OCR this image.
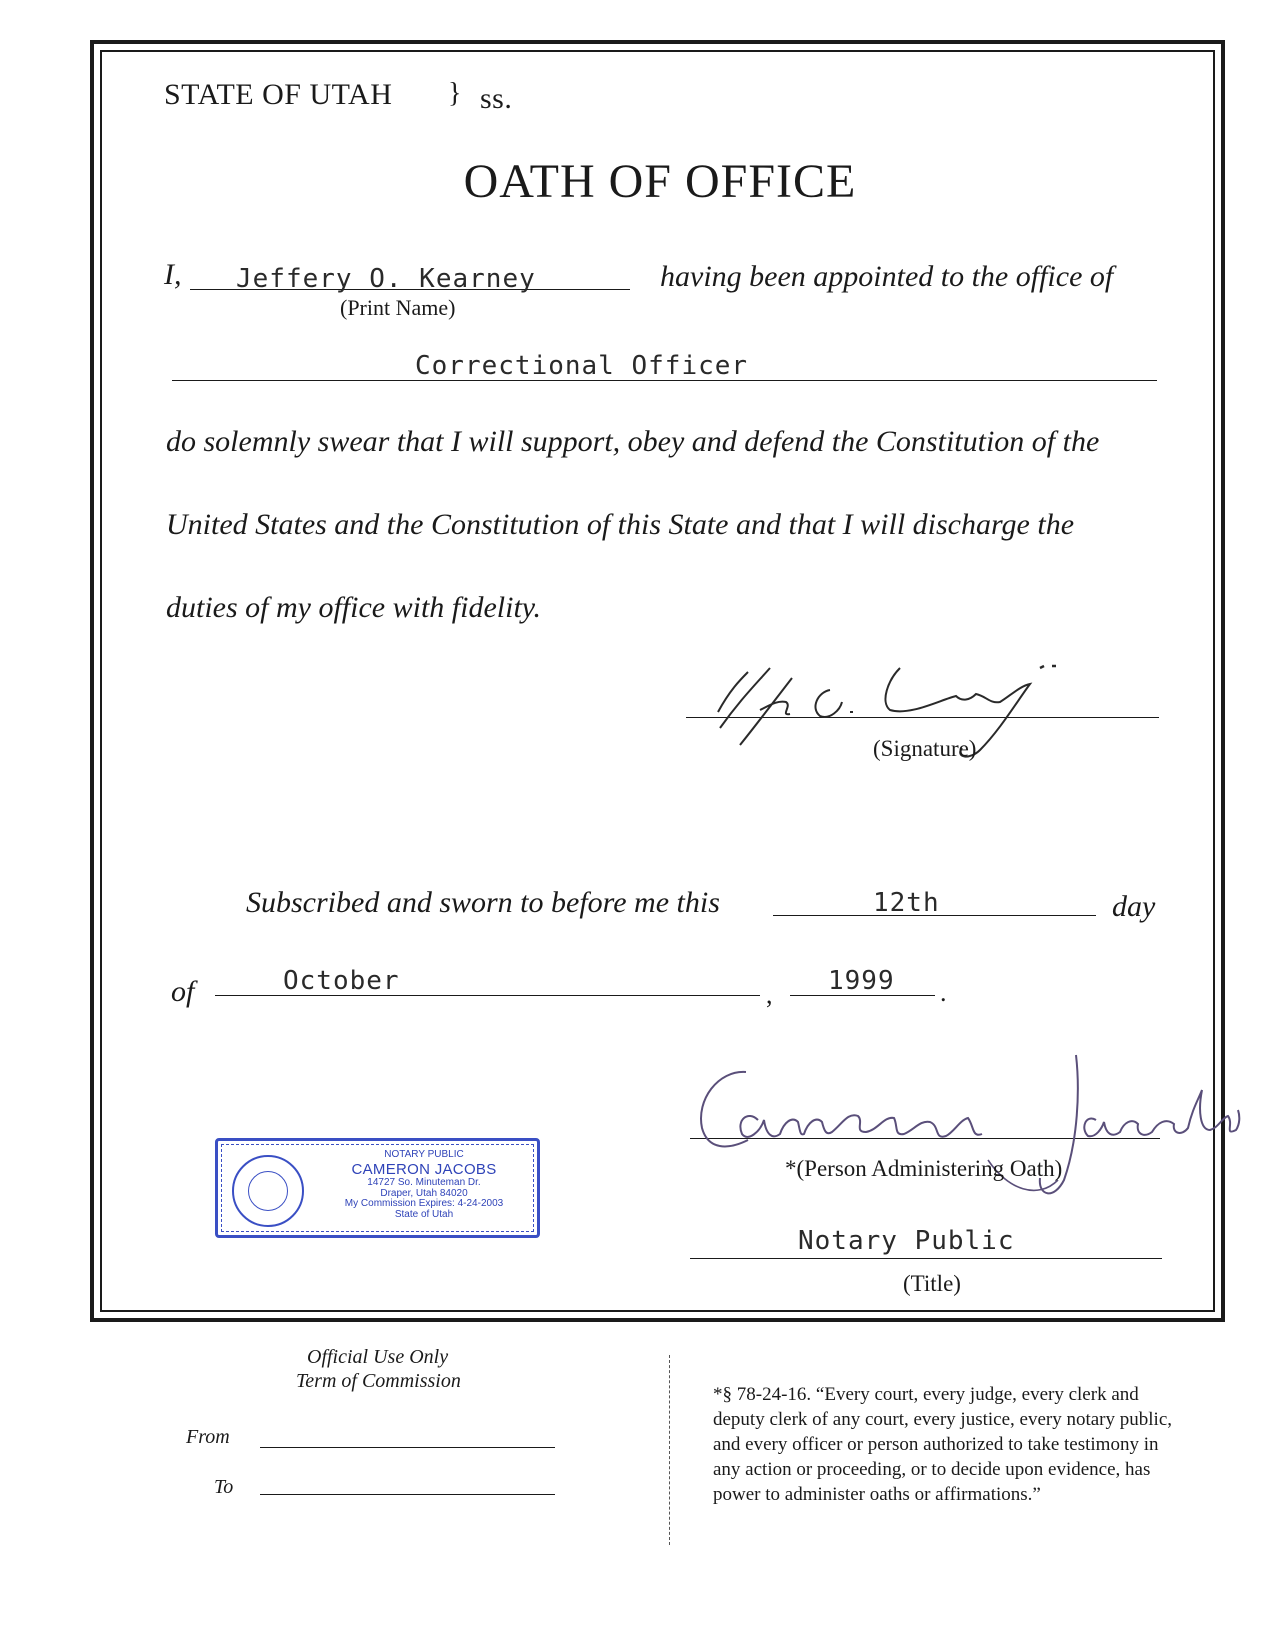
STATE OF UTAH } ss.
OATH OF OFFICE
I, Jeffery O. Kearney	having been appointed to the office of
(Print Name)
Correctional Officer
do solemnly swear that I will support, obey and defend the Constitution of the
United States and the Constitution of this State and that I will discharge the
duties of my office with fidelity.
(Signature)
Subscribed and sworn to before me this	12th	day
of	October	, 1999 .
*(Person Administering Oath)
Notary Public
(Title)
NOTARY PUBLIC
CAMERON JACOBS
14727 So. Minuteman Dr.
Draper, Utah 84020
My Commission Expires: 4-24-2003
State of Utah
Official Use Only
Term of Commission
From
To
*§ 78-24-16. “Every court, every judge, every clerk and
deputy clerk of any court, every justice, every notary public,
and every officer or person authorized to take testimony in
any action or proceeding, or to decide upon evidence, has
power to administer oaths or affirmations.”
